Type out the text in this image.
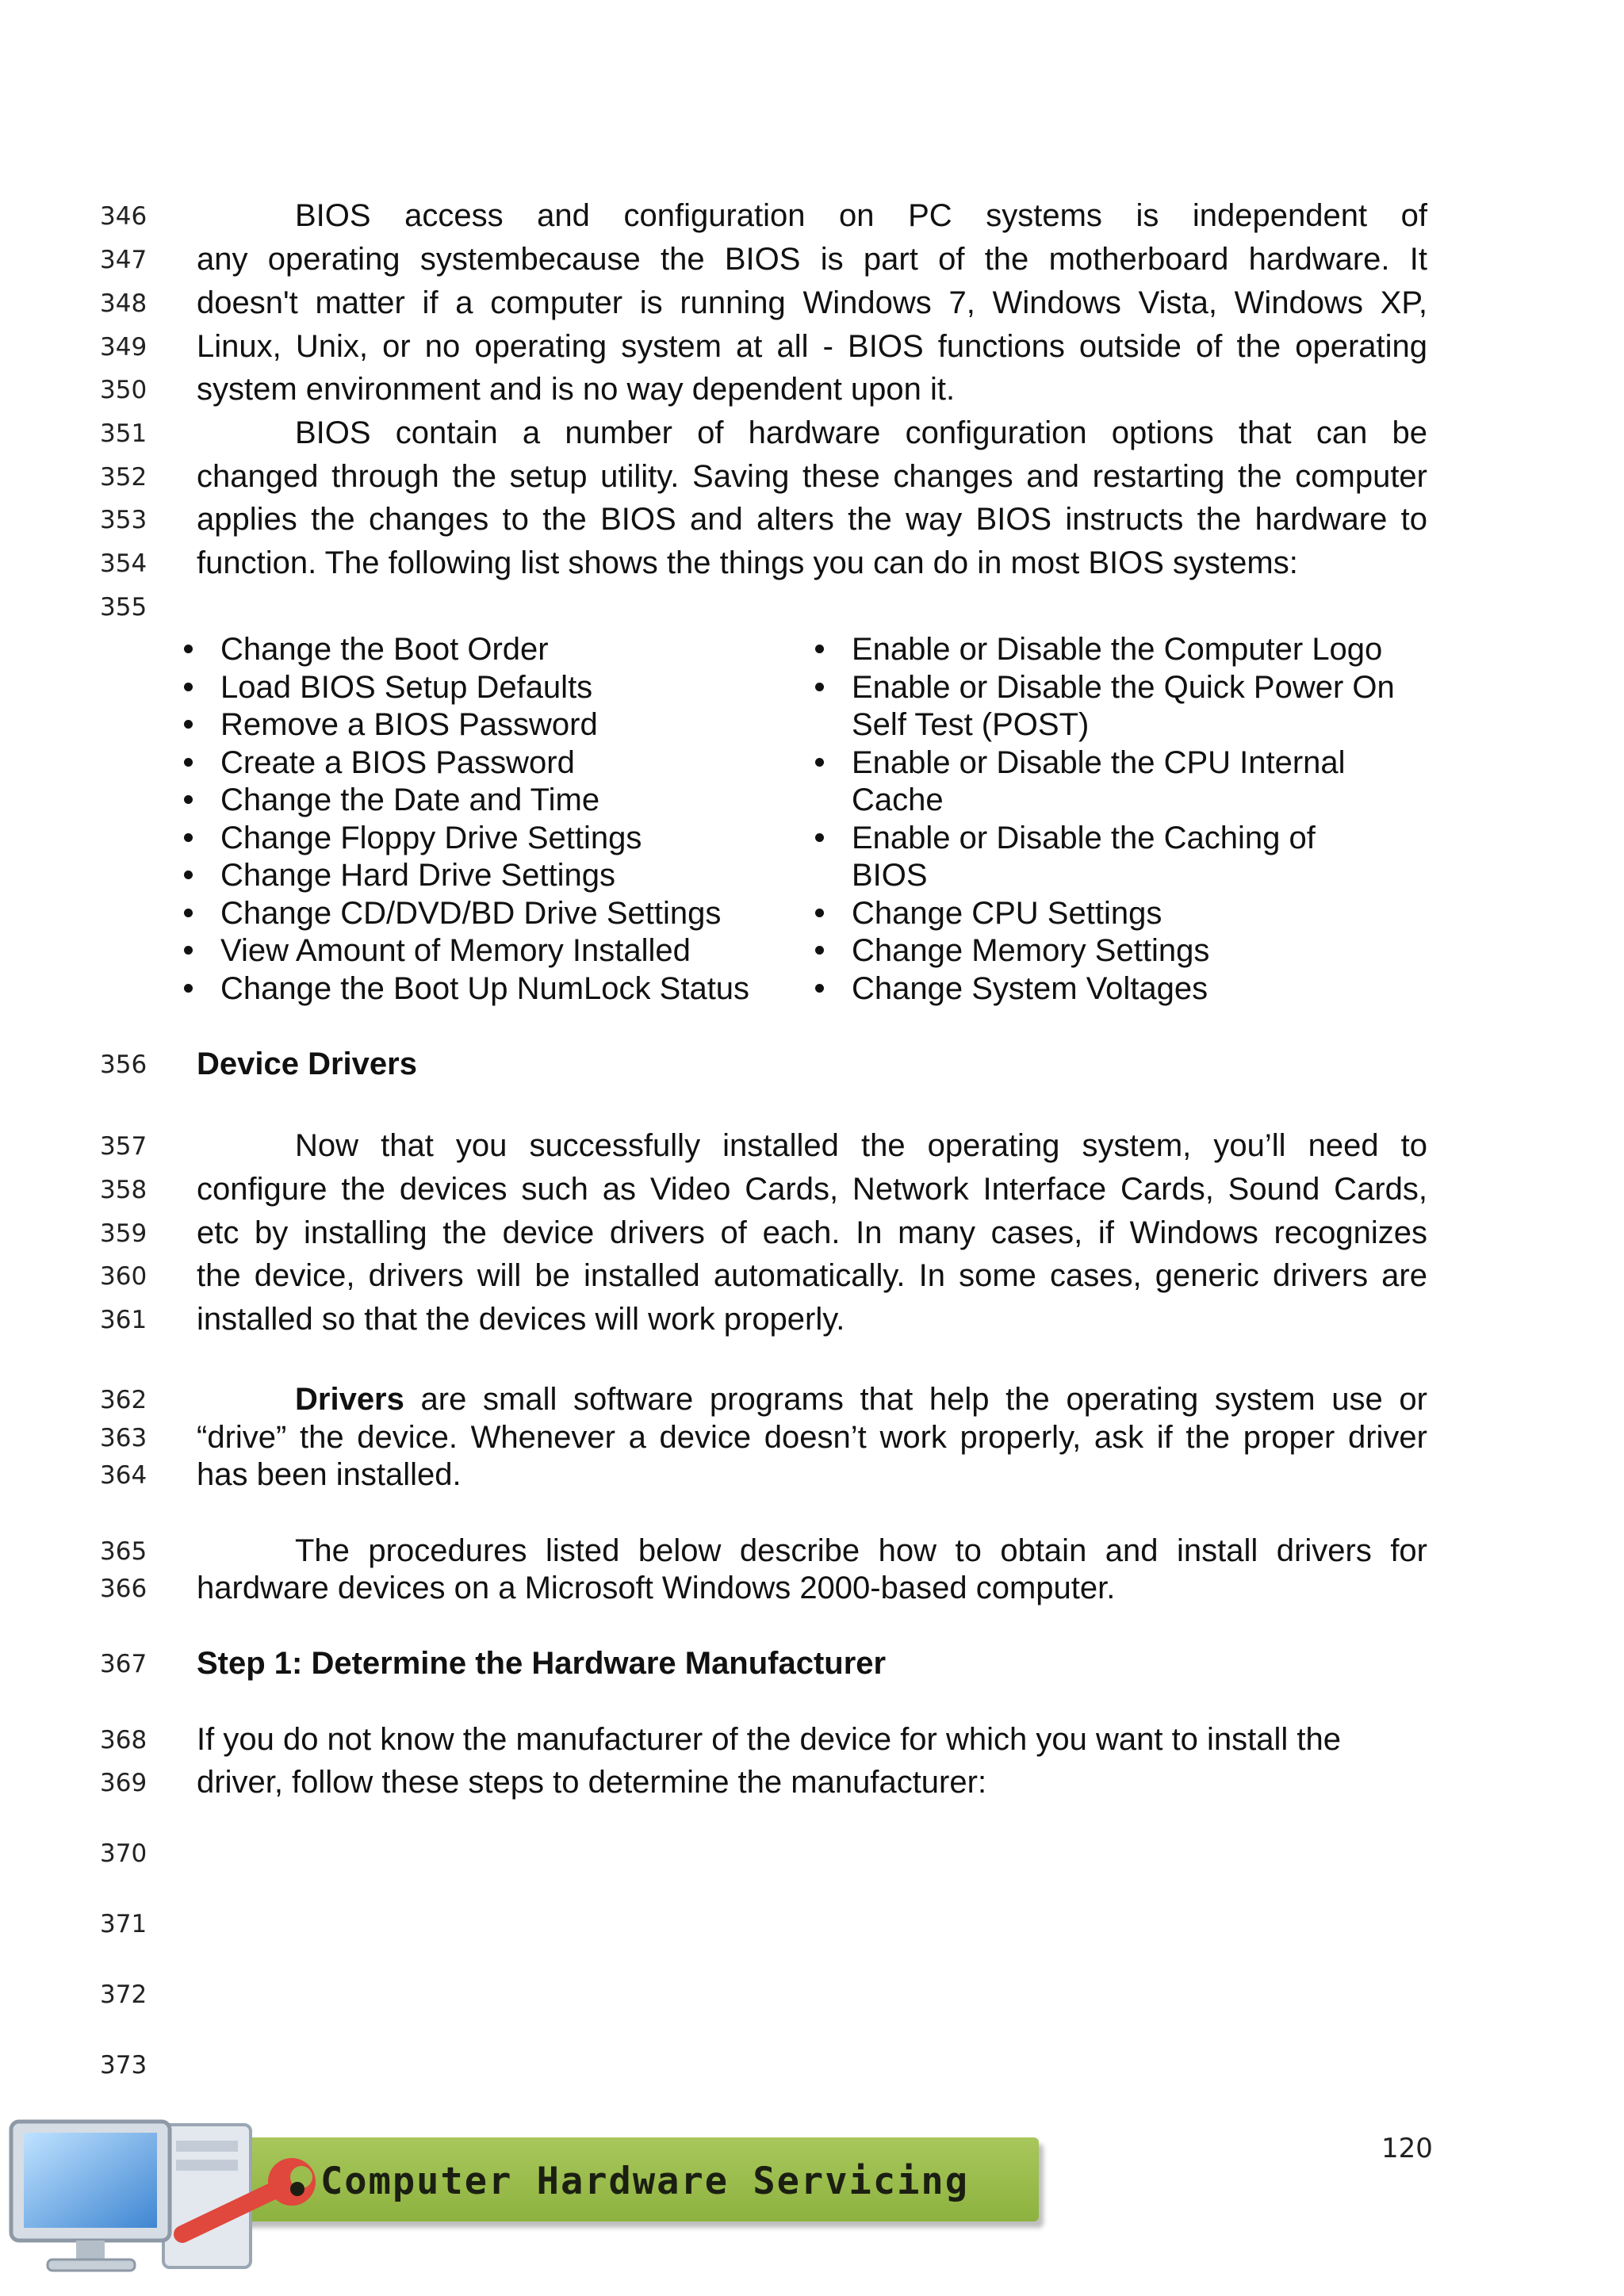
346
347
348
349
350
351
352
353
354
355
356
357
358
359
360
361
362
363
364
365
366
367
368
369
370
371
372
373
BIOS access and configuration on PC systems is independent of
any operating systembecause the BIOS is part of the motherboard hardware. It
doesn't matter if a computer is running Windows 7, Windows Vista, Windows XP,
Linux, Unix, or no operating system at all - BIOS functions outside of the operating
system environment and is no way dependent upon it.
BIOS contain a number of hardware configuration options that can be
changed through the setup utility. Saving these changes and restarting the computer
applies the changes to the BIOS and alters the way BIOS instructs the hardware to
function. The following list shows the things you can do in most BIOS systems:
Change the Boot Order
Load BIOS Setup Defaults
Remove a BIOS Password
Create a BIOS Password
Change the Date and Time
Change Floppy Drive Settings
Change Hard Drive Settings
Change CD/DVD/BD Drive Settings
View Amount of Memory Installed
Change the Boot Up NumLock Status
Enable or Disable the Computer Logo
Enable or Disable the Quick Power On
Self Test (POST)
Enable or Disable the CPU Internal
Cache
Enable or Disable the Caching of
BIOS
Change CPU Settings
Change Memory Settings
Change System Voltages
Device Drivers
Now that you successfully installed the operating system, you’ll need to
configure the devices such as Video Cards, Network Interface Cards, Sound Cards,
etc by installing the device drivers of each. In many cases, if Windows recognizes
the device, drivers will be installed automatically. In some cases, generic drivers are
installed so that the devices will work properly.
Drivers are small software programs that help the operating system use or
“drive” the device. Whenever a device doesn’t work properly, ask if the proper driver
has been installed.
The procedures listed below describe how to obtain and install drivers for
hardware devices on a Microsoft Windows 2000-based computer.
Step 1: Determine the Hardware Manufacturer
If you do not know the manufacturer of the device for which you want to install the
driver, follow these steps to determine the manufacturer:
120
Computer Hardware Servicing
